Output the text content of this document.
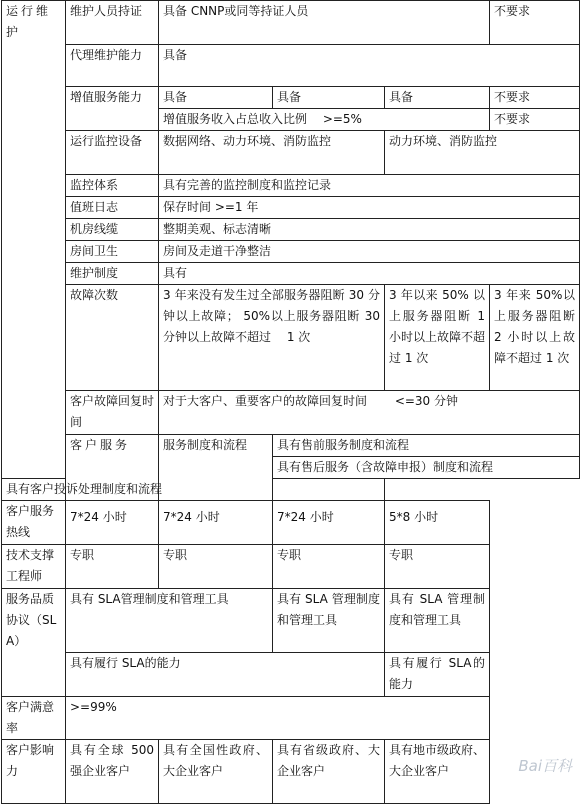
运行维护	维护人员持证	具备 CNNP或同等持证人员			不要求
	代理维护能力	具备			
	增值服务能力	具备	具备	具备	不要求
		增值服务收入占总收入比例　 >=5%			不要求
	运行监控设备	数据网络、动力环境、消防监控		动力环境、消防监控	
	监控体系	具有完善的监控制度和监控记录			
	值班日志	保存时间 >=1 年			
	机房线缆	整期美观、标志清晰			
	房间卫生	房间及走道干净整洁			
	维护制度	具有			
	故障次数	3 年来没有发生过全部服务器阻断 30 分钟以上故障； 50%以上服务器阻断 30 分钟以上故障不超过　 1 次		3 年以来 50% 以上服务器阻断 1 小时以上故障不超过 1 次	3 年来 50%以上服务器阻断 2 小时以上故障不超过 1 次
	客户故障回复时间	对于大客户、重要客户的故障回复时间　　 <=30 分钟			
	客户服务	服务制度和流程	具有售前服务制度和流程		
			具有售后服务（含故障申报）制度和流程		
具有客户投诉处理制度和流程					
客户服务热线	7*24 小时	7*24 小时	7*24 小时	5*8 小时	
技术支撑工程师	专职	专职	专职	专职	
服务品质协议（SLA）	具有 SLA管理制度和管理工具		具有 SLA 管理制度和管理工具	具有 SLA 管理制度和管理工具	
	具有履行 SLA的能力			具有履行 SLA的能力	
客户满意率	>=99%				
客户影响力	具有全球 500强企业客户	具有全国性政府、大企业客户	具有省级政府、大企业客户	具有地市级政府、大企业客户		Bai百科
